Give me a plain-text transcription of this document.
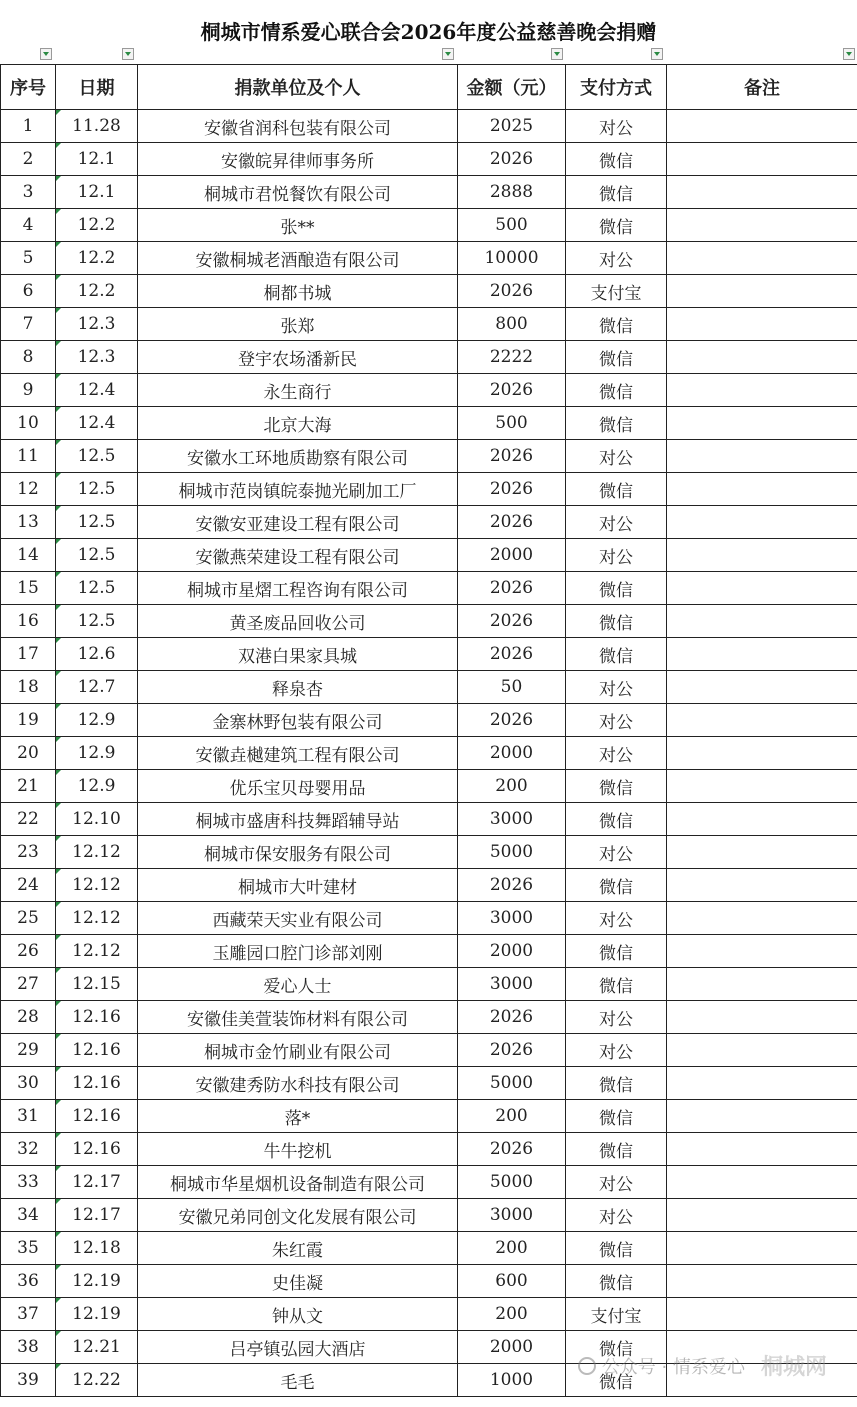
桐城市情系爱心联合会2026年度公益慈善晚会捐赠
序号	日期	捐款单位及个人	金额（元）	支付方式	备注
1	11.28	安徽省润科包装有限公司	2025	对公	
2	12.1	安徽皖昇律师事务所	2026	微信	
3	12.1	桐城市君悦餐饮有限公司	2888	微信	
4	12.2	张**	500	微信	
5	12.2	安徽桐城老酒酿造有限公司	10000	对公	
6	12.2	桐都书城	2026	支付宝	
7	12.3	张郑	800	微信	
8	12.3	登宇农场潘新民	2222	微信	
9	12.4	永生商行	2026	微信	
10	12.4	北京大海	500	微信	
11	12.5	安徽水工环地质勘察有限公司	2026	对公	
12	12.5	桐城市范岗镇皖泰抛光刷加工厂	2026	微信	
13	12.5	安徽安亚建设工程有限公司	2026	对公	
14	12.5	安徽燕荣建设工程有限公司	2000	对公	
15	12.5	桐城市星熠工程咨询有限公司	2026	微信	
16	12.5	黄圣废品回收公司	2026	微信	
17	12.6	双港白果家具城	2026	微信	
18	12.7	释泉杏	50	对公	
19	12.9	金寨林野包装有限公司	2026	对公	
20	12.9	安徽垚樾建筑工程有限公司	2000	对公	
21	12.9	优乐宝贝母婴用品	200	微信	
22	12.10	桐城市盛唐科技舞蹈辅导站	3000	微信	
23	12.12	桐城市保安服务有限公司	5000	对公	
24	12.12	桐城市大叶建材	2026	微信	
25	12.12	西藏荣天实业有限公司	3000	对公	
26	12.12	玉雕园口腔门诊部刘刚	2000	微信	
27	12.15	爱心人士	3000	微信	
28	12.16	安徽佳美萱装饰材料有限公司	2026	对公	
29	12.16	桐城市金竹刷业有限公司	2026	对公	
30	12.16	安徽建秀防水科技有限公司	5000	微信	
31	12.16	落*	200	微信	
32	12.16	牛牛挖机	2026	微信	
33	12.17	桐城市华星烟机设备制造有限公司	5000	对公	
34	12.17	安徽兄弟同创文化发展有限公司	3000	对公	
35	12.18	朱红霞	200	微信	
36	12.19	史佳凝	600	微信	
37	12.19	钟从文	200	支付宝	
38	12.21	吕亭镇弘园大酒店	2000	微信	
39	12.22	毛毛	1000	微信	
公众号 · 情系爱心 桐城网
